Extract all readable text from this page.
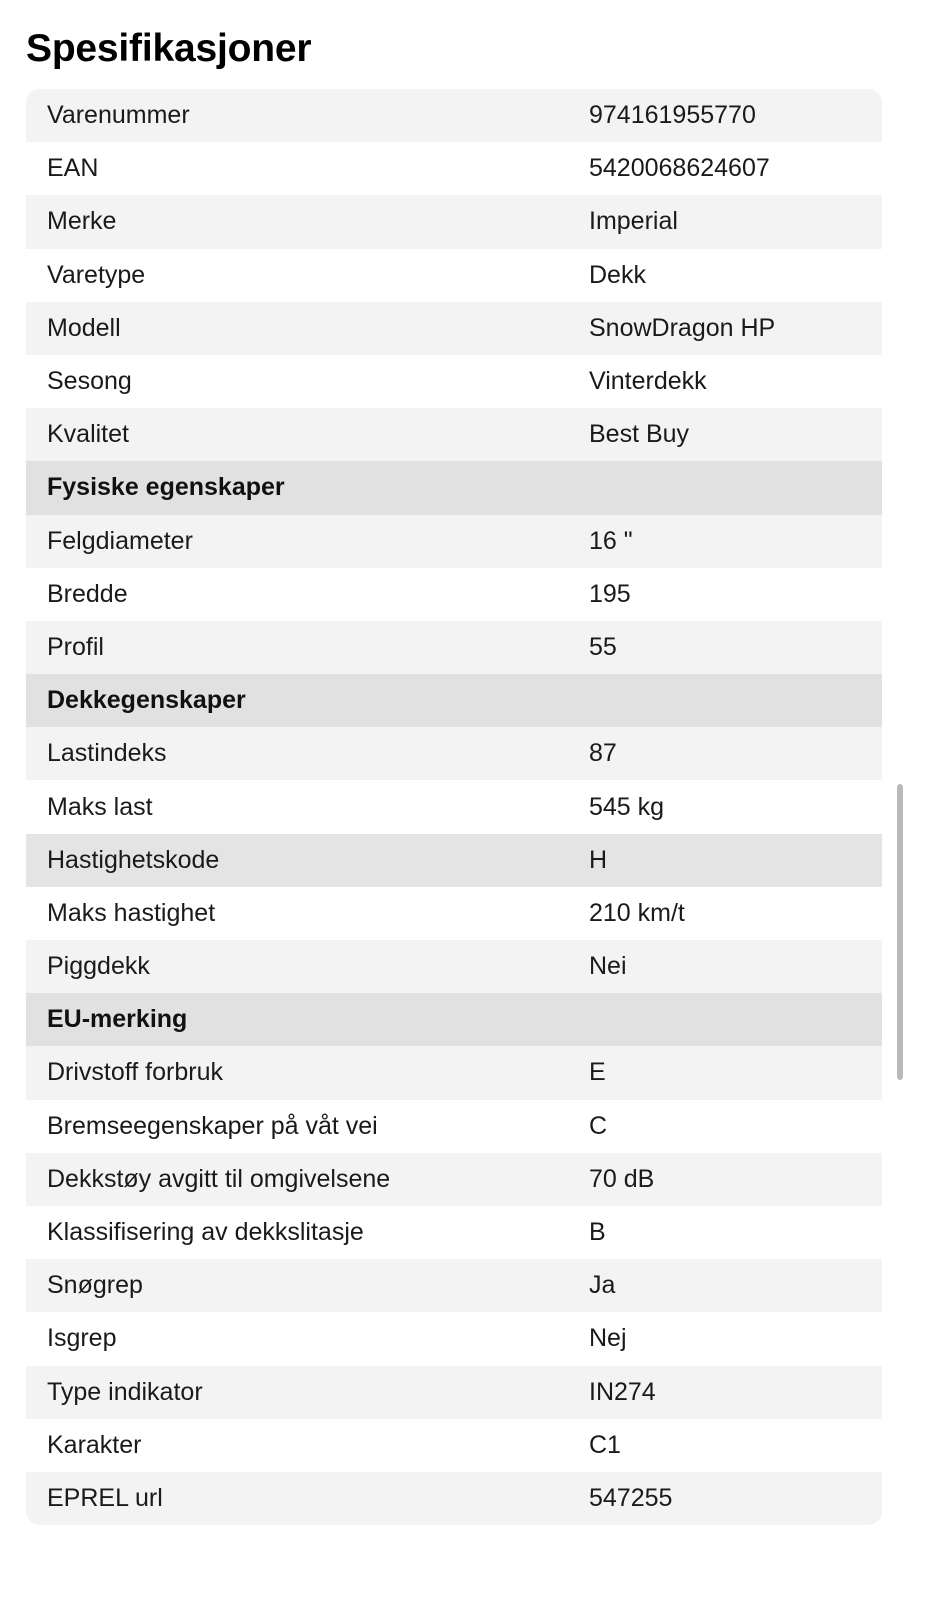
Spesifikasjoner
Varenummer	974161955770
EAN	5420068624607
Merke	Imperial
Varetype	Dekk
Modell	SnowDragon HP
Sesong	Vinterdekk
Kvalitet	Best Buy
Fysiske egenskaper
Felgdiameter	16 "
Bredde	195
Profil	55
Dekkegenskaper
Lastindeks	87
Maks last	545 kg
Hastighetskode	H
Maks hastighet	210 km/t
Piggdekk	Nei
EU-merking
Drivstoff forbruk	E
Bremseegenskaper på våt vei	C
Dekkstøy avgitt til omgivelsene	70 dB
Klassifisering av dekkslitasje	B
Snøgrep	Ja
Isgrep	Nej
Type indikator	IN274
Karakter	C1
EPREL url	547255
